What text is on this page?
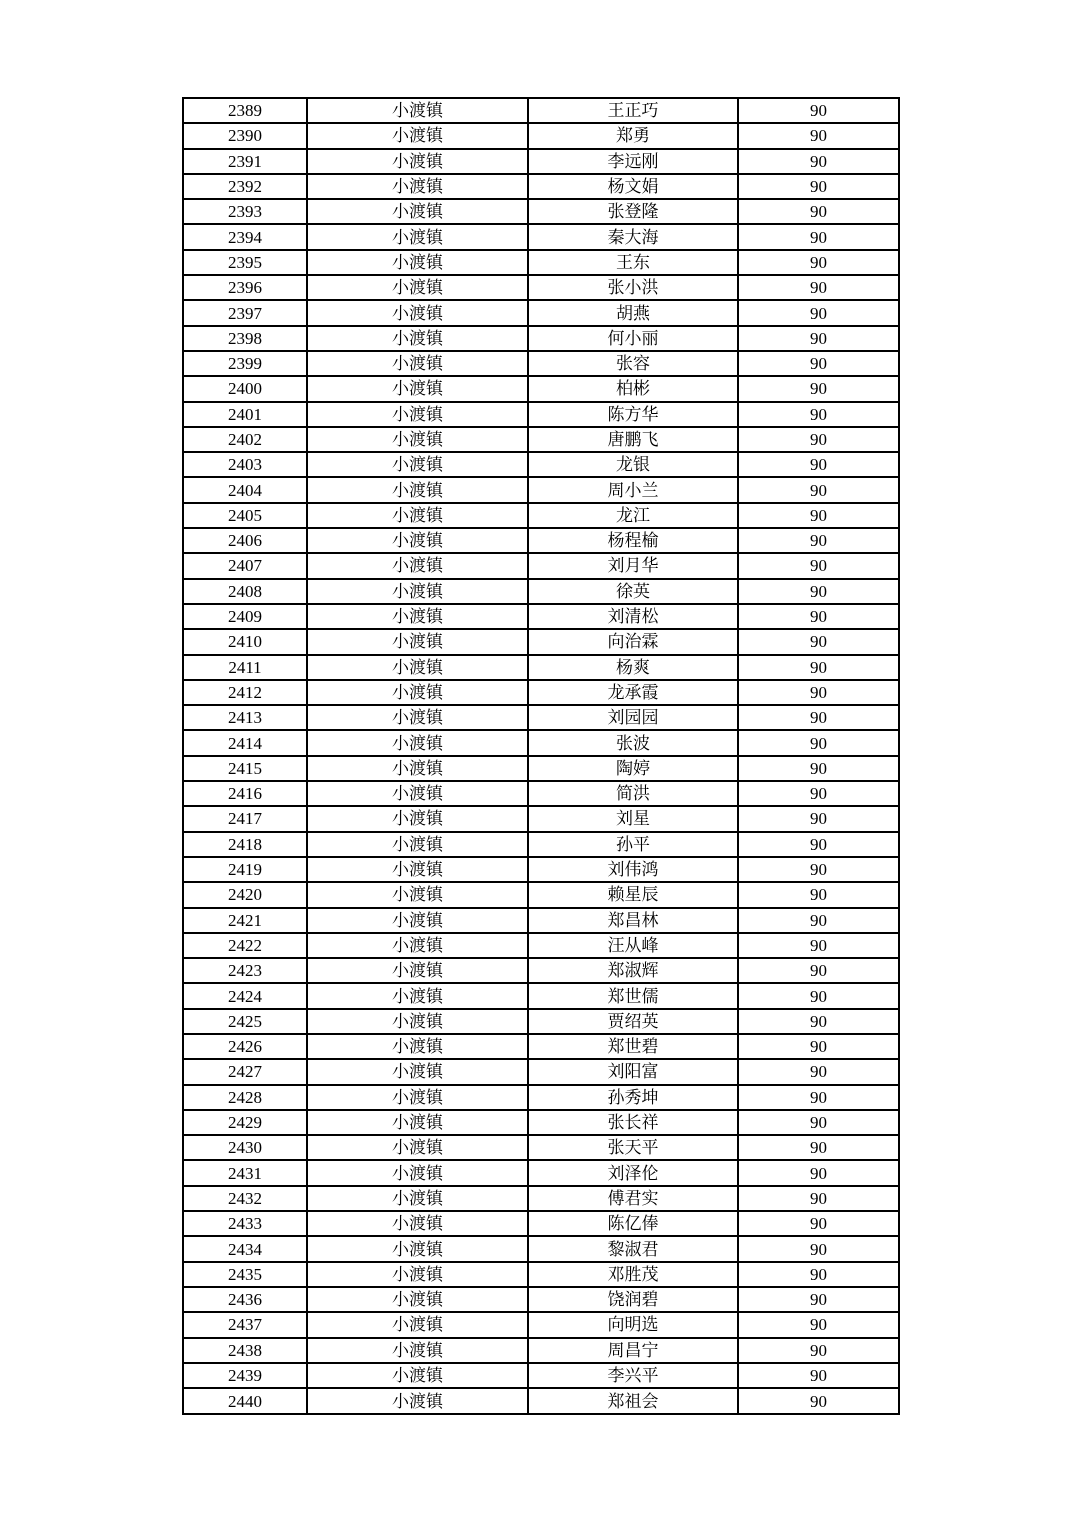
2389	小渡镇	王正巧	90
2390	小渡镇	郑勇	90
2391	小渡镇	李远刚	90
2392	小渡镇	杨文娟	90
2393	小渡镇	张登隆	90
2394	小渡镇	秦大海	90
2395	小渡镇	王东	90
2396	小渡镇	张小洪	90
2397	小渡镇	胡燕	90
2398	小渡镇	何小丽	90
2399	小渡镇	张容	90
2400	小渡镇	柏彬	90
2401	小渡镇	陈方华	90
2402	小渡镇	唐鹏飞	90
2403	小渡镇	龙银	90
2404	小渡镇	周小兰	90
2405	小渡镇	龙江	90
2406	小渡镇	杨程榆	90
2407	小渡镇	刘月华	90
2408	小渡镇	徐英	90
2409	小渡镇	刘清松	90
2410	小渡镇	向治霖	90
2411	小渡镇	杨爽	90
2412	小渡镇	龙承霞	90
2413	小渡镇	刘园园	90
2414	小渡镇	张波	90
2415	小渡镇	陶婷	90
2416	小渡镇	简洪	90
2417	小渡镇	刘星	90
2418	小渡镇	孙平	90
2419	小渡镇	刘伟鸿	90
2420	小渡镇	赖星辰	90
2421	小渡镇	郑昌林	90
2422	小渡镇	汪从峰	90
2423	小渡镇	郑淑辉	90
2424	小渡镇	郑世儒	90
2425	小渡镇	贾绍英	90
2426	小渡镇	郑世碧	90
2427	小渡镇	刘阳富	90
2428	小渡镇	孙秀坤	90
2429	小渡镇	张长祥	90
2430	小渡镇	张天平	90
2431	小渡镇	刘泽伦	90
2432	小渡镇	傅君实	90
2433	小渡镇	陈亿俸	90
2434	小渡镇	黎淑君	90
2435	小渡镇	邓胜茂	90
2436	小渡镇	饶润碧	90
2437	小渡镇	向明选	90
2438	小渡镇	周昌宁	90
2439	小渡镇	李兴平	90
2440	小渡镇	郑祖会	90
